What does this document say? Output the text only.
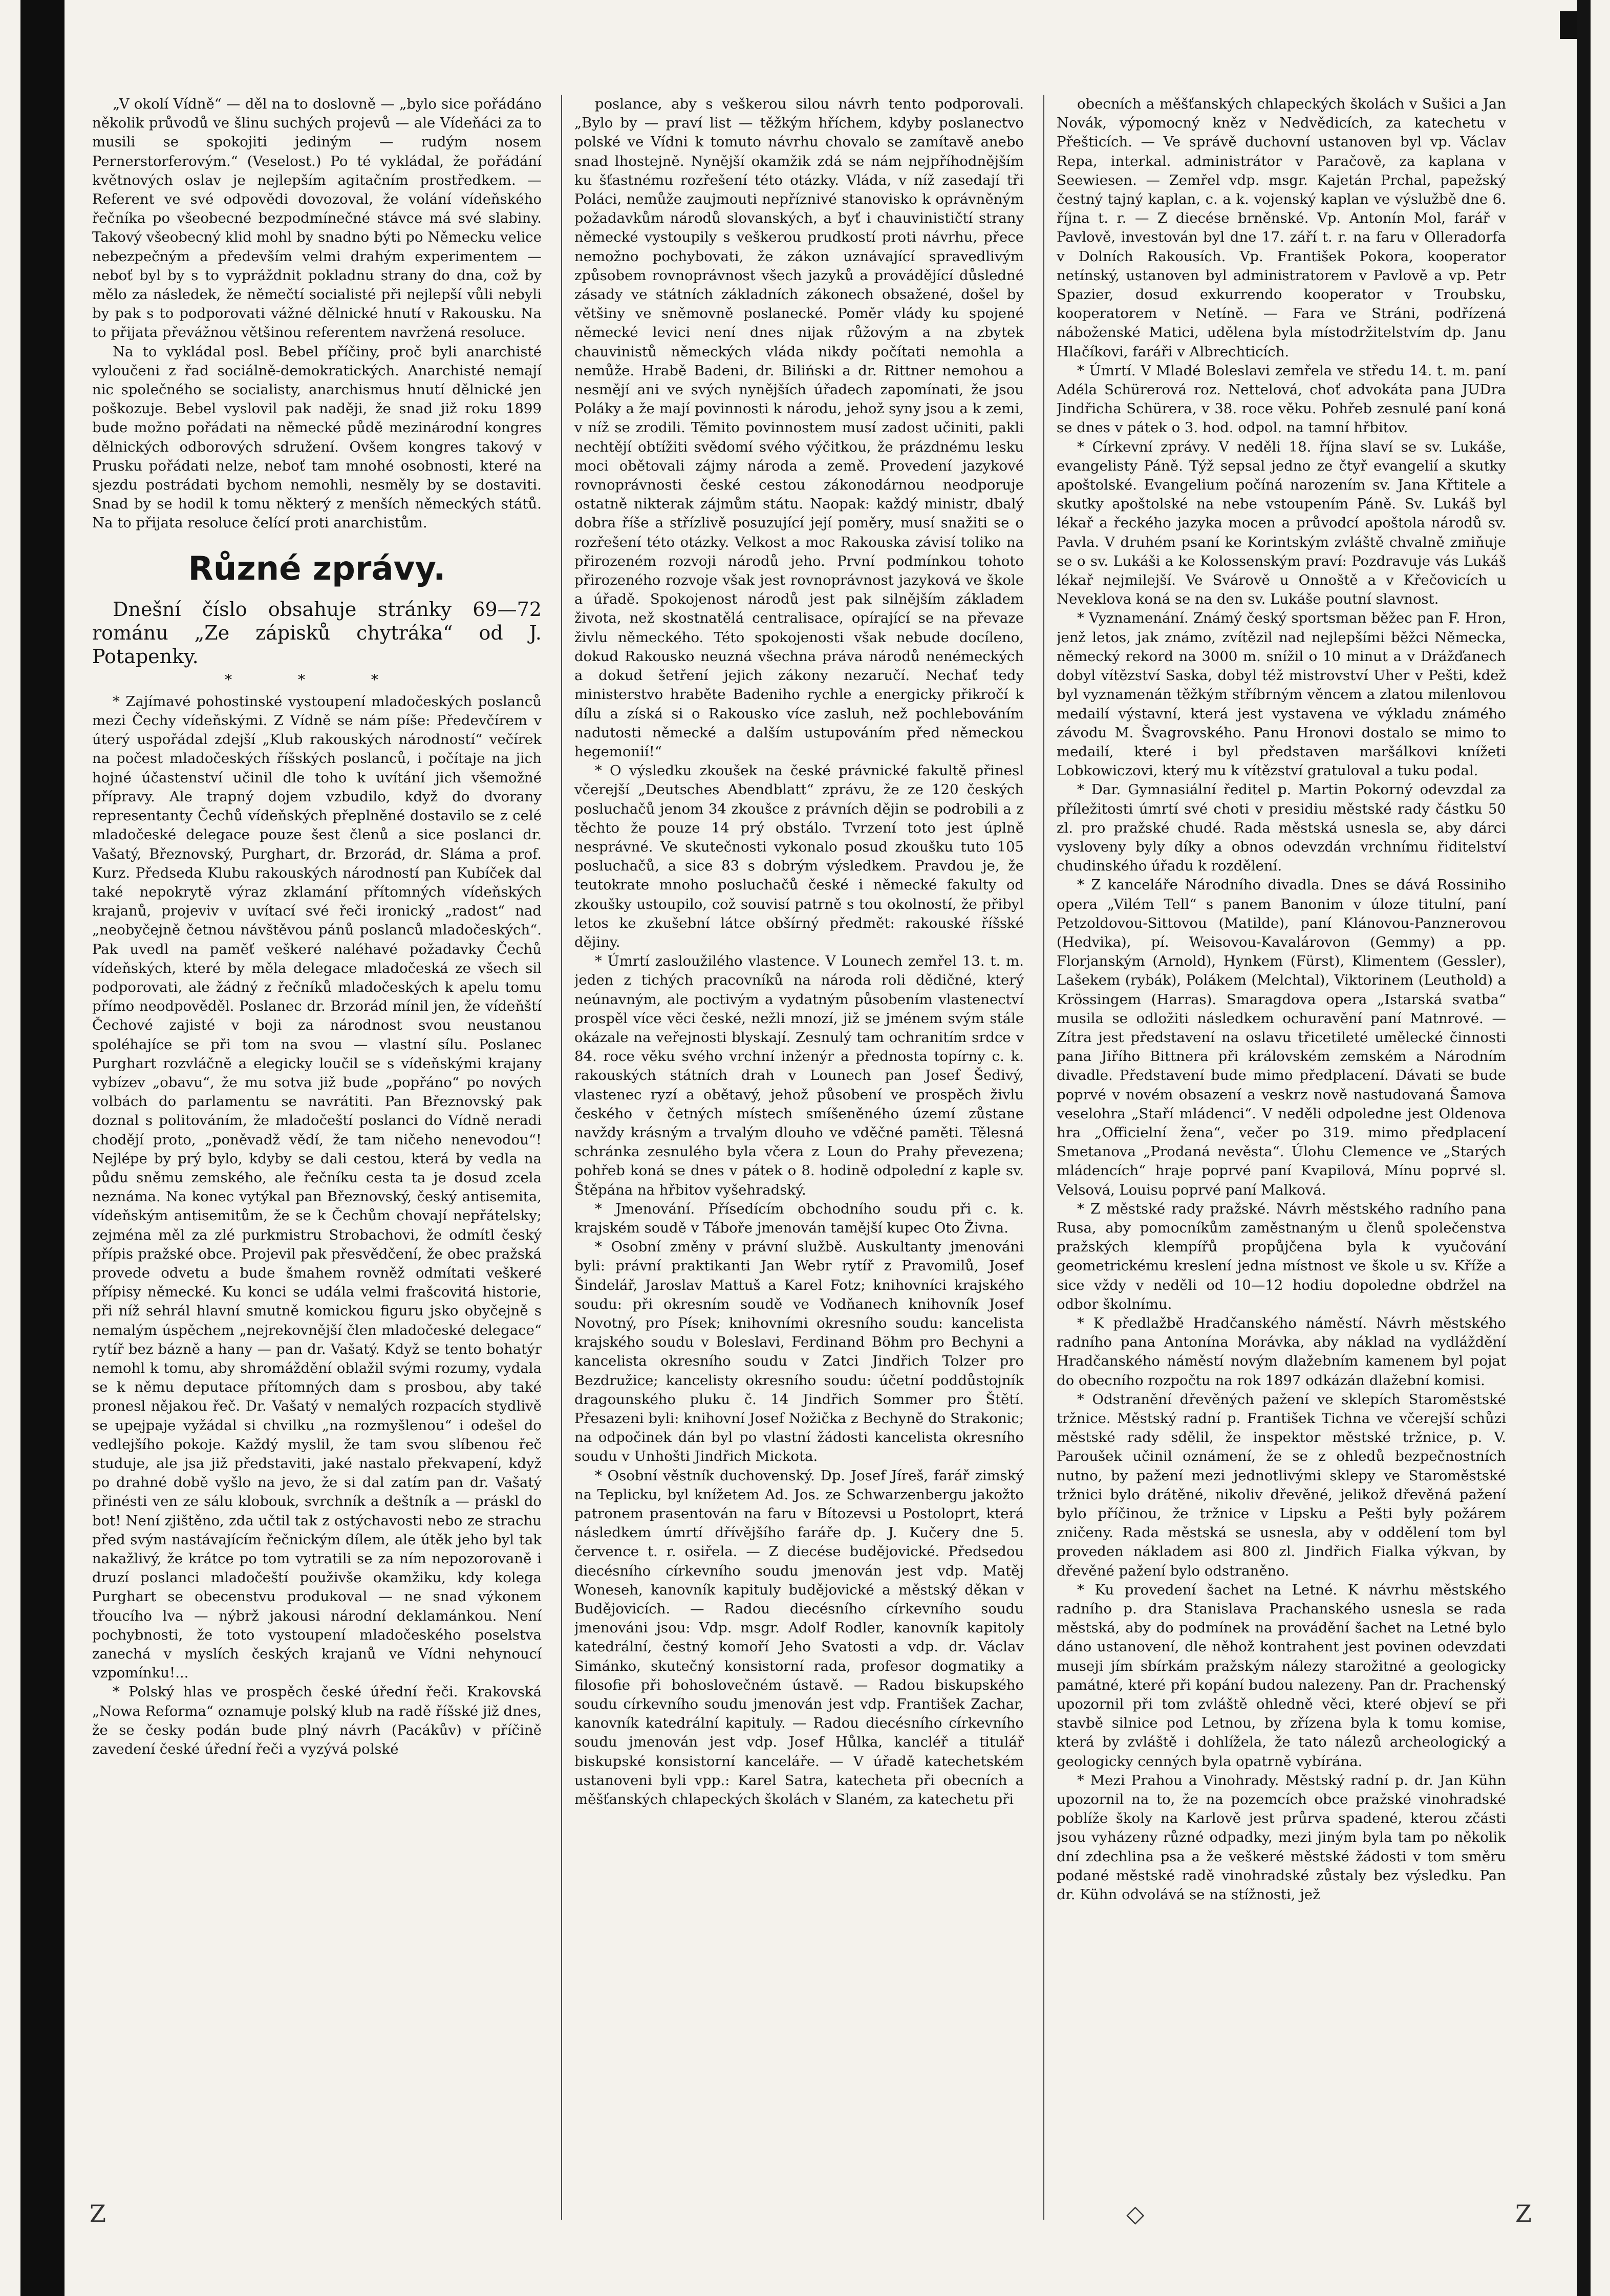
„V okolí Vídně“ — děl na to doslovně — „bylo sice pořádáno několik průvodů ve šlinu suchých projevů — ale Vídeňáci za to musili se spokojiti jediným — rudým nosem Pernerstorferovým.“ (Veselost.) Po té vykládal, že pořádání květnových oslav je nejlepším agitačním prostředkem. — Referent ve své odpovědi dovozoval, že volání vídeňského řečníka po všeobecné bezpodmínečné stávce má své slabiny. Takový všeobecný klid mohl by snadno býti po Německu velice nebezpečným a především velmi drahým experimentem — neboť byl by s to vypráždnit pokladnu strany do dna, což by mělo za následek, že němečtí socialisté při nejlepší vůli nebyli by pak s to podporovati vážné dělnické hnutí v Rakousku. Na to přijata převážnou většinou referentem navržená resoluce.

Na to vykládal posl. Bebel příčiny, proč byli anarchisté vyloučeni z řad sociálně-demokratických. Anarchisté nemají nic společného se socialisty, anarchismus hnutí dělnické jen poškozuje. Bebel vyslovil pak naději, že snad již roku 1899 bude možno pořádati na německé půdě mezinárodní kongres dělnických odborových sdružení. Ovšem kongres takový v Prusku pořádati nelze, neboť tam mnohé osobnosti, které na sjezdu postrádati bychom nemohli, nesměly by se dostaviti. Snad by se hodil k tomu některý z menších německých států. Na to přijata resoluce čelící proti anarchistům.

Různé zprávy.

Dnešní číslo obsahuje stránky 69—72 románu „Ze zápisků chytráka“ od J. Potapenky.

* * *

* Zajímavé pohostinské vystoupení mladočeských poslanců mezi Čechy vídeňskými. Z Vídně se nám píše: Předevčírem v úterý uspořádal zdejší „Klub rakouských národností“ večírek na počest mladočeských říšských poslanců, i počítaje na jich hojné účastenství učinil dle toho k uvítání jich všemožné přípravy. Ale trapný dojem vzbudilo, když do dvorany representanty Čechů vídeňských přeplněné dostavilo se z celé mladočeské delegace pouze šest členů a sice poslanci dr. Vašatý, Březnovský, Purghart, dr. Brzorád, dr. Sláma a prof. Kurz. Předseda Klubu rakouských národností pan Kubíček dal také nepokrytě výraz zklamání přítomných vídeňských krajanů, projeviv v uvítací své řeči ironický „radost“ nad „neobyčejně četnou návštěvou pánů poslanců mladočeských“. Pak uvedl na paměť veškeré naléhavé požadavky Čechů vídeňských, které by měla delegace mladočeská ze všech sil podporovati, ale žádný z řečníků mladočeských k apelu tomu přímo neodpověděl. Poslanec dr. Brzorád mínil jen, že vídeňští Čechové zajisté v boji za národnost svou neustanou spoléhajíce se při tom na svou — vlastní sílu. Poslanec Purghart rozvláčně a elegicky loučil se s vídeňskými krajany vybízev „obavu“, že mu sotva již bude „popřáno“ po nových volbách do parlamentu se navrátiti. Pan Březnovský pak doznal s politováním, že mladočeští poslanci do Vídně neradi chodějí proto, „poněvadž vědí, že tam ničeho nenevodou“! Nejlépe by prý bylo, kdyby se dali cestou, která by vedla na půdu sněmu zemského, ale řečníku cesta ta je dosud zcela neznáma. Na konec vytýkal pan Březnovský, český antisemita, vídeňským antisemitům, že se k Čechům chovají nepřátelsky; zejména měl za zlé purkmistru Strobachovi, že odmítl český přípis pražské obce. Projevil pak přesvědčení, že obec pražská provede odvetu a bude šmahem rovněž odmítati veškeré přípisy německé. Ku konci se udála velmi frašcovitá historie, při níž sehrál hlavní smutně komickou figuru jsko obyčejně s nemalým úspěchem „nejrekovnější člen mladočeské delegace“ rytíř bez bázně a hany — pan dr. Vašatý. Když se tento bohatýr nemohl k tomu, aby shromáždění oblažil svými rozumy, vydala se k němu deputace přítomných dam s prosbou, aby také pronesl nějakou řeč. Dr. Vašatý v nemalých rozpacích stydlivě se upejpaje vyžádal si chvilku „na rozmyšlenou“ i odešel do vedlejšího pokoje. Každý myslil, že tam svou slíbenou řeč studuje, ale jsa již představiti, jaké nastalo překvapení, když po drahné době vyšlo na jevo, že si dal zatím pan dr. Vašatý přinésti ven ze sálu klobouk, svrchník a deštník a — práskl do bot! Není zjištěno, zda učtil tak z ostýchavosti nebo ze strachu před svým nastávajícím řečnickým dílem, ale útěk jeho byl tak nakažlivý, že krátce po tom vytratili se za ním nepozorovaně i druzí poslanci mladočeští použivše okamžiku, kdy kolega Purghart se obecenstvu produkoval — ne snad výkonem třoucího lva — nýbrž jakousi národní deklamánkou. Není pochybnosti, že toto vystoupení mladočeského poselstva zanechá v myslích českých krajanů ve Vídni nehynoucí vzpomínku!...

* Polský hlas ve prospěch české úřední řeči. Krakovská „Nowa Reforma“ oznamuje polský klub na radě říšské již dnes, že se česky podán bude plný návrh (Pacákův) v příčině zavedení české úřední řeči a vyzývá polské

poslance, aby s veškerou silou návrh tento podporovali. „Bylo by — praví list — těžkým hříchem, kdyby poslanectvo polské ve Vídni k tomuto návrhu chovalo se zamítavě anebo snad lhostejně. Nynější okamžik zdá se nám nejpříhodnějším ku šťastnému rozřešení této otázky. Vláda, v níž zasedají tři Poláci, nemůže zaujmouti nepříznivé stanovisko k oprávněným požadavkům národů slovanských, a byť i chauvinističtí strany německé vystoupily s veškerou prudkostí proti návrhu, přece nemožno pochybovati, že zákon uznávající spravedlivým způsobem rovnoprávnost všech jazyků a provádějící důsledné zásady ve státních základních zákonech obsažené, došel by většiny ve sněmovně poslanecké. Poměr vlády ku spojené německé levici není dnes nijak růžovým a na zbytek chauvinistů německých vláda nikdy počítati nemohla a nemůže. Hrabě Badeni, dr. Biliński a dr. Rittner nemohou a nesmějí ani ve svých nynějších úřadech zapomínati, že jsou Poláky a že mají povinnosti k národu, jehož syny jsou a k zemi, v níž se zrodili. Těmito povinnostem musí zadost učiniti, pakli nechtějí obtížiti svědomí svého výčitkou, že prázdnému lesku moci obětovali zájmy národa a země. Provedení jazykové rovnoprávnosti české cestou zákonodárnou neodporuje ostatně nikterak zájmům státu. Naopak: každý ministr, dbalý dobra říše a střízlivě posuzující její poměry, musí snažiti se o rozřešení této otázky. Velkost a moc Rakouska závisí toliko na přirozeném rozvoji národů jeho. První podmínkou tohoto přirozeného rozvoje však jest rovnoprávnost jazyková ve škole a úřadě. Spokojenost národů jest pak silnějším základem života, než skostnatělá centralisace, opírající se na převaze živlu německého. Této spokojenosti však nebude docíleno, dokud Rakousko neuzná všechna práva národů nenémeckých a dokud šetření jejich zákony nezaručí. Nechať tedy ministerstvo hraběte Badeniho rychle a energicky přikročí k dílu a získá si o Rakousko více zasluh, než pochlebováním nadutosti německé a dalším ustupováním před německou hegemonií!“

* O výsledku zkoušek na české právnické fakultě přinesl včerejší „Deutsches Abendblatt“ zprávu, že ze 120 českých posluchačů jenom 34 zkoušce z právních dějin se podrobili a z těchto že pouze 14 prý obstálo. Tvrzení toto jest úplně nesprávné. Ve skutečnosti vykonalo posud zkoušku tuto 105 posluchačů, a sice 83 s dobrým výsledkem. Pravdou je, že teutokrate mnoho posluchačů české i německé fakulty od zkoušky ustoupilo, což souvisí patrně s tou okolností, že přibyl letos ke zkušební látce obšírný předmět: rakouské říšské dějiny.

* Úmrtí zasloužilého vlastence. V Lounech zemřel 13. t. m. jeden z tichých pracovníků na národa roli dědičné, který neúnavným, ale poctivým a vydatným působením vlastenectví prospěl více věci české, nežli mnozí, již se jménem svým stále okázale na veřejnosti blyskají. Zesnulý tam ochranitím srdce v 84. roce věku svého vrchní inženýr a přednosta topírny c. k. rakouských státních drah v Lounech pan Josef Šedivý, vlastenec ryzí a obětavý, jehož působení ve prospěch živlu českého v četných místech smíšeněného území zůstane navždy krásným a trvalým dlouho ve vděčné paměti. Tělesná schránka zesnulého byla včera z Loun do Prahy převezena; pohřeb koná se dnes v pátek o 8. hodině odpolední z kaple sv. Štěpána na hřbitov vyšehradský.

* Jmenování. Přísedícím obchodního soudu při c. k. krajském soudě v Táboře jmenován tamější kupec Oto Živna.

* Osobní změny v právní službě. Auskultanty jmenováni byli: právní praktikanti Jan Webr rytíř z Pravomilů, Josef Šindelář, Jaroslav Mattuš a Karel Fotz; knihovníci krajského soudu: při okresním soudě ve Vodňanech knihovník Josef Novotný, pro Písek; knihovními okresního soudu: kancelista krajského soudu v Boleslavi, Ferdinand Böhm pro Bechyni a kancelista okresního soudu v Zatci Jindřich Tolzer pro Bezdružice; kancelisty okresního soudu: účetní poddůstojník dragounského pluku č. 14 Jindřich Sommer pro Štětí. Přesazeni byli: knihovní Josef Nožička z Bechyně do Strakonic; na odpočinek dán byl po vlastní žádosti kancelista okresního soudu v Unhošti Jindřich Mickota.

* Osobní věstník duchovenský. Dp. Josef Jíreš, farář zimský na Teplicku, byl knížetem Ad. Jos. ze Schwarzenbergu jakožto patronem prasentován na faru v Bítozevsi u Postoloprt, která následkem úmrtí dřívějšího faráře dp. J. Kučery dne 5. července t. r. osiřela. — Z diecése budějovické. Předsedou diecésního církevního soudu jmenován jest vdp. Matěj Woneseh, kanovník kapituly budějovické a městský děkan v Budějovicích. — Radou diecésního církevního soudu jmenováni jsou: Vdp. msgr. Adolf Rodler, kanovník kapitoly katedrální, čestný komoří Jeho Svatosti a vdp. dr. Václav Simánko, skutečný konsistorní rada, profesor dogmatiky a filosofie při bohoslovečném ústavě. — Radou biskupského soudu církevního soudu jmenován jest vdp. František Zachar, kanovník katedrální kapituly. — Radou diecésního církevního soudu jmenován jest vdp. Josef Hůlka, kancléř a titulář biskupské konsistorní kanceláře. — V úřadě katechetském ustanoveni byli vpp.: Karel Satra, katecheta při obecních a měšťanských chlapeckých školách v Slaném, za katechetu při

obecních a měšťanských chlapeckých školách v Sušici a Jan Novák, výpomocný kněz v Nedvědicích, za katechetu v Přešticích. — Ve správě duchovní ustanoven byl vp. Václav Repa, interkal. administrátor v Paračově, za kaplana v Seewiesen. — Zemřel vdp. msgr. Kajetán Prchal, papežský čestný tajný kaplan, c. a k. vojenský kaplan ve výslužbě dne 6. října t. r. — Z diecése brněnské. Vp. Antonín Mol, farář v Pavlově, investován byl dne 17. září t. r. na faru v Olleradorfa v Dolních Rakousích. Vp. František Pokora, kooperator netínský, ustanoven byl administratorem v Pavlově a vp. Petr Spazier, dosud exkurrendo kooperator v Troubsku, kooperatorem v Netíně. — Fara ve Stráni, podřízená náboženské Matici, udělena byla místodržitelstvím dp. Janu Hlačíkovi, faráři v Albrechticích.

* Úmrtí. V Mladé Boleslavi zemřela ve středu 14. t. m. paní Adéla Schürerová roz. Nettelová, choť advokáta pana JUDra Jindřicha Schürera, v 38. roce věku. Pohřeb zesnulé paní koná se dnes v pátek o 3. hod. odpol. na tamní hřbitov.

* Církevní zprávy. V neděli 18. října slaví se sv. Lukáše, evangelisty Páně. Týž sepsal jedno ze čtyř evangelií a skutky apoštolské. Evangelium počíná narozením sv. Jana Křtitele a skutky apoštolské na nebe vstoupením Páně. Sv. Lukáš byl lékař a řeckého jazyka mocen a průvodcí apoštola národů sv. Pavla. V druhém psaní ke Korintským zvláště chvalně zmiňuje se o sv. Lukáši a ke Kolossenským praví: Pozdravuje vás Lukáš lékař nejmilejší. Ve Svárově u Onnoště a v Křečovicích u Neveklova koná se na den sv. Lukáše poutní slavnost.

* Vyznamenání. Známý český sportsman běžec pan F. Hron, jenž letos, jak známo, zvítězil nad nejlepšími běžci Německa, německý rekord na 3000 m. snížil o 10 minut a v Drážďanech dobyl vítězství Saska, dobyl též mistrovství Uher v Pešti, kdež byl vyznamenán těžkým stříbrným věncem a zlatou milenlovou medailí výstavní, která jest vystavena ve výkladu známého závodu M. Švagrovského. Panu Hronovi dostalo se mimo to medailí, které i byl představen maršálkovi knížeti Lobkowiczovi, který mu k vítězství gratuloval a tuku podal.

* Dar. Gymnasiální ředitel p. Martin Pokorný odevzdal za příležitosti úmrtí své choti v presidiu městské rady částku 50 zl. pro pražské chudé. Rada městská usnesla se, aby dárci vysloveny byly díky a obnos odevzdán vrchnímu řiditelství chudinského úřadu k rozdělení.

* Z kanceláře Národního divadla. Dnes se dává Rossiniho opera „Vilém Tell“ s panem Banonim v úloze titulní, paní Petzoldovou-Sittovou (Matilde), paní Klánovou-Panznerovou (Hedvika), pí. Weisovou-Kavalárovon (Gemmy) a pp. Florjanským (Arnold), Hynkem (Fürst), Klimentem (Gessler), Lašekem (rybák), Polákem (Melchtal), Viktorinem (Leuthold) a Krössingem (Harras). Smaragdova opera „Istarská svatba“ musila se odložiti následkem ochuravění paní Matnrové. — Zítra jest představení na oslavu třicetileté umělecké činnosti pana Jiřího Bittnera při královském zemském a Národním divadle. Představení bude mimo předplacení. Dávati se bude poprvé v novém obsazení a veskrz nově nastudovaná Šamova veselohra „Staří mládenci“. V neděli odpoledne jest Oldenova hra „Officielní žena“, večer po 319. mimo předplacení Smetanova „Prodaná nevěsta“. Úlohu Clemence ve „Starých mládencích“ hraje poprvé paní Kvapilová, Mínu poprvé sl. Velsová, Louisu poprvé paní Malková.

* Z městské rady pražské. Návrh městského radního pana Rusa, aby pomocníkům zaměstnaným u členů společenstva pražských klempířů propůjčena byla k vyučování geometrickému kreslení jedna místnost ve škole u sv. Kříže a sice vždy v neděli od 10—12 hodiu dopoledne obdržel na odbor školnímu.

* K předlažbě Hradčanského náměstí. Návrh městského radního pana Antonína Morávka, aby náklad na vydláždění Hradčanského náměstí novým dlažebním kamenem byl pojat do obecního rozpočtu na rok 1897 odkázán dlažební komisi.

* Odstranění dřevěných pažení ve sklepích Staroměstské tržnice. Městský radní p. František Tichna ve včerejší schůzi městské rady sdělil, že inspektor městské tržnice, p. V. Paroušek učinil oznámení, že se z ohledů bezpečnostních nutno, by pažení mezi jednotlivými sklepy ve Staroměstské tržnici bylo drátěné, nikoliv dřevěné, jelikož dřevěná pažení bylo příčinou, že tržnice v Lipsku a Pešti byly požárem zničeny. Rada městská se usnesla, aby v oddělení tom byl proveden nákladem asi 800 zl. Jindřich Fialka výkvan, by dřevěné pažení bylo odstraněno.

* Ku provedení šachet na Letné. K návrhu městského radního p. dra Stanislava Prachanského usnesla se rada městská, aby do podmínek na provádění šachet na Letné bylo dáno ustanovení, dle něhož kontrahent jest povinen odevzdati museji jím sbírkám pražským nálezy starožitné a geologicky památné, které při kopání budou nalezeny. Pan dr. Prachenský upozornil při tom zvláště ohledně věci, které objeví se při stavbě silnice pod Letnou, by zřízena byla k tomu komise, která by zvláště i dohlížela, že tato nálezů archeologický a geologicky cenných byla opatrně vybírána.

* Mezi Prahou a Vinohrady. Městský radní p. dr. Jan Kühn upozornil na to, že na pozemcích obce pražské vinohradské poblíže školy na Karlově jest průrva spadené, kterou zčásti jsou vyházeny různé odpadky, mezi jiným byla tam po několik dní zdechlina psa a že veškeré městské žádosti v tom směru podané městské radě vinohradské zůstaly bez výsledku. Pan dr. Kühn odvolává se na stížnosti, jež

Z	◇	Z
